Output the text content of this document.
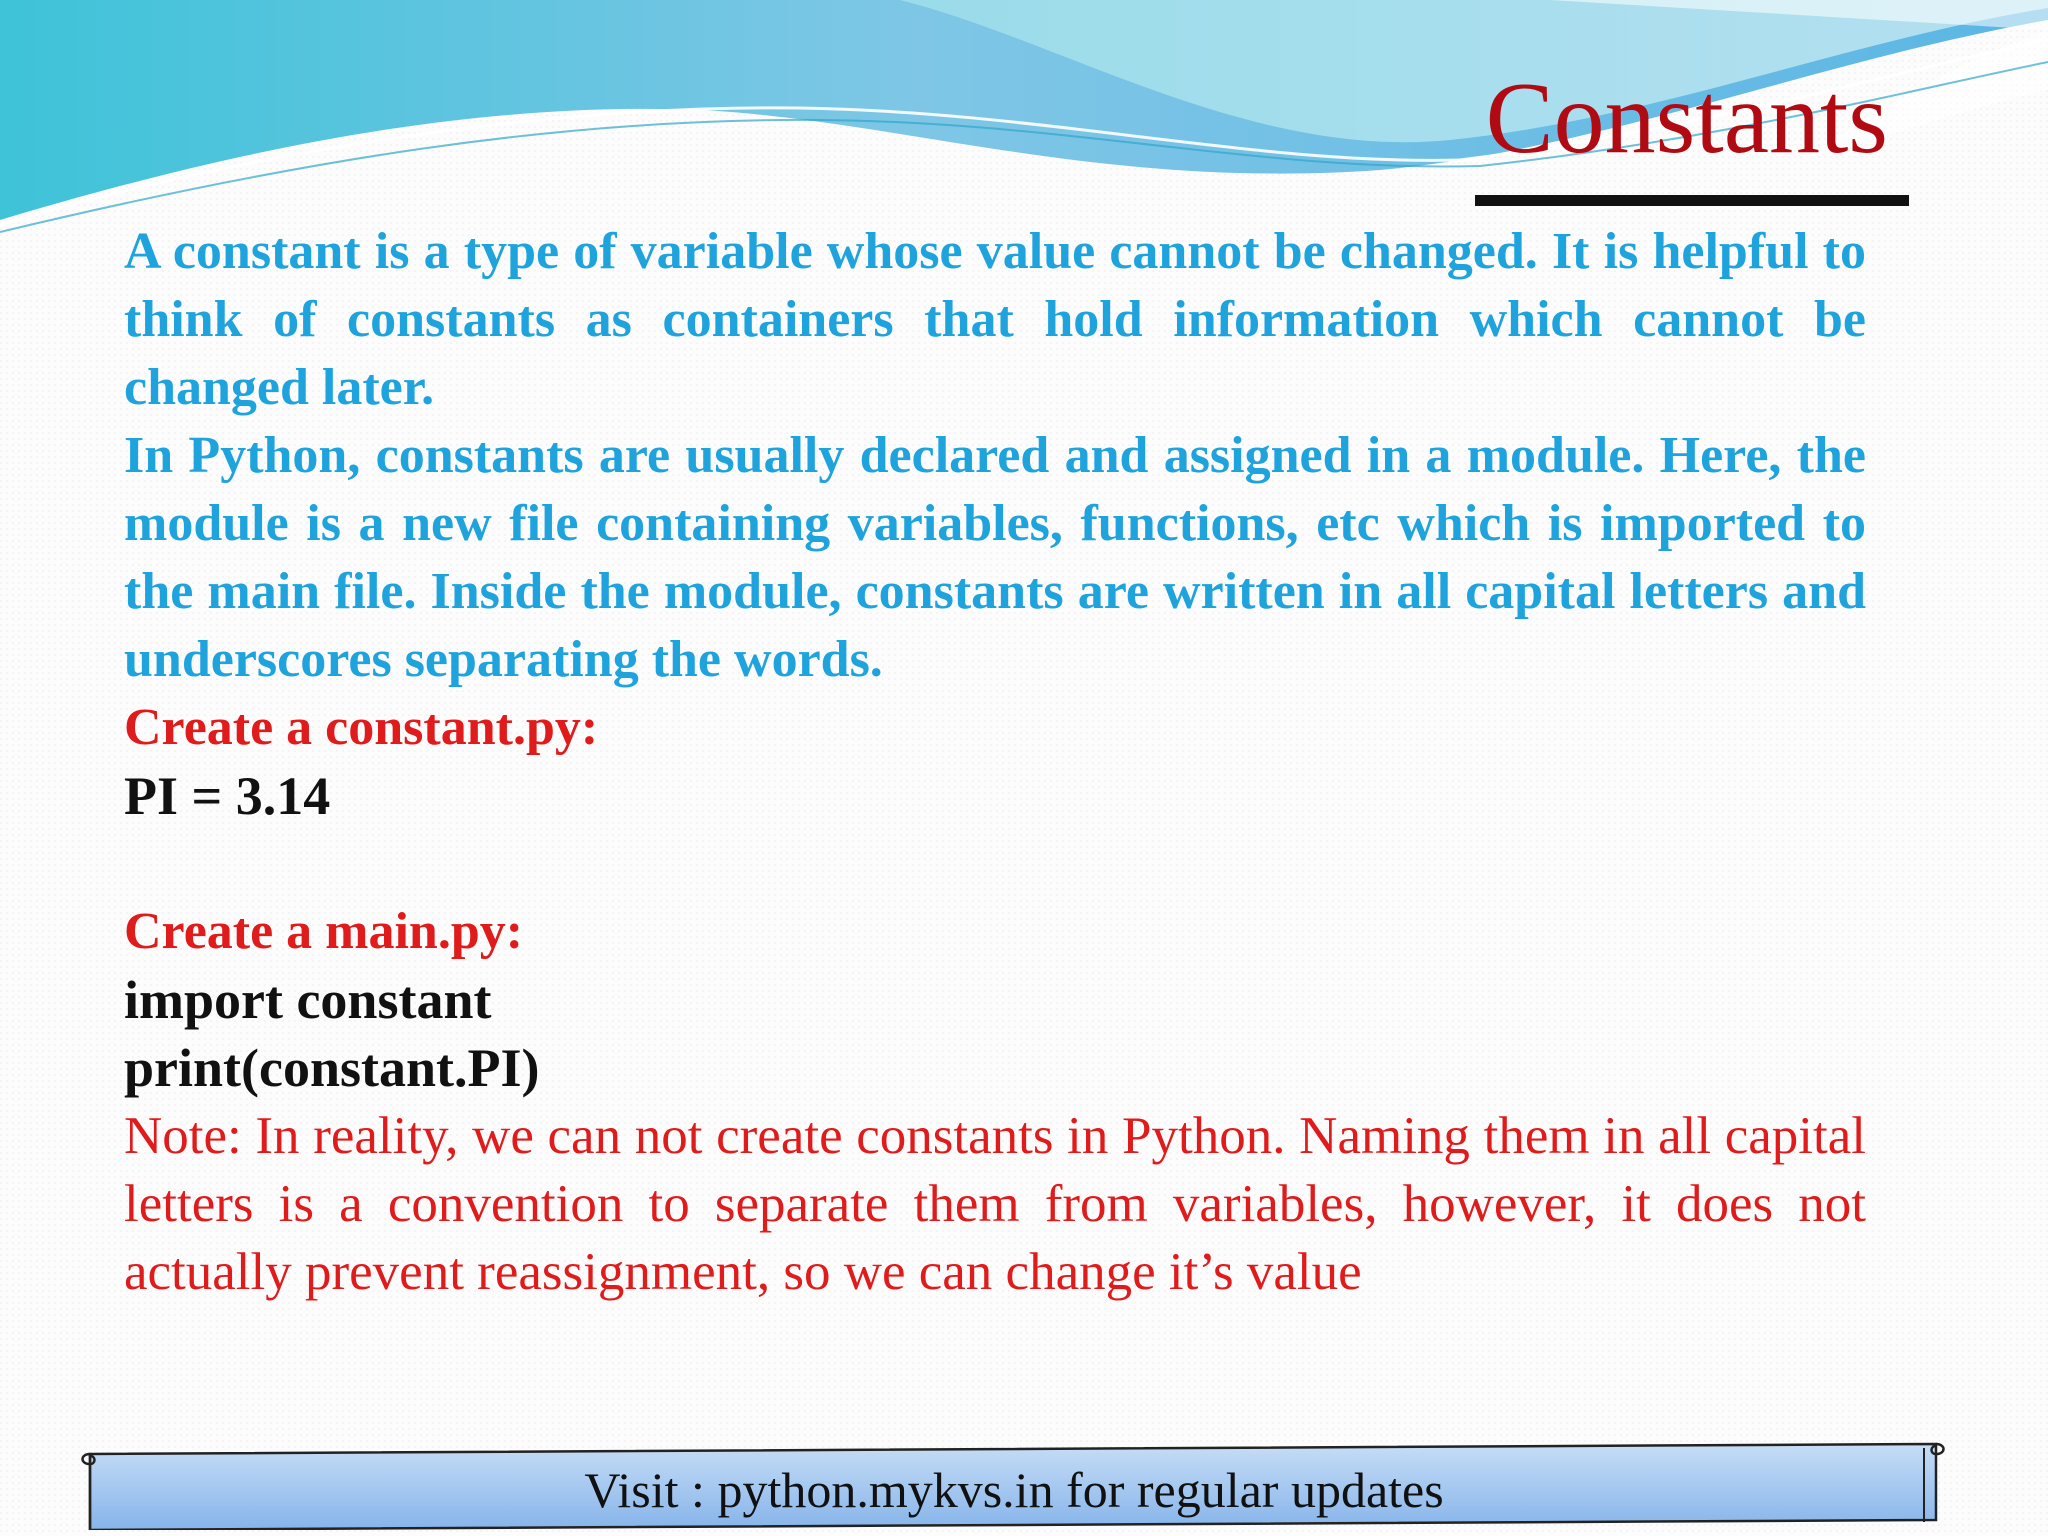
Constants

A constant is a type of variable whose value cannot be changed. It is helpful to think of constants as containers that hold information which cannot be changed later.

In Python, constants are usually declared and assigned in a module. Here, the module is a new file containing variables, functions, etc which is imported to the main file. Inside the module, constants are written in all capital letters and underscores separating the words.

Create a constant.py:

PI = 3.14

Create a main.py:

import constant

print(constant.PI)

Note: In reality, we can not create constants in Python. Naming them in all capital letters is a convention to separate them from variables, however, it does not actually prevent reassignment, so we can change it’s value

Visit : python.mykvs.in for regular updates
